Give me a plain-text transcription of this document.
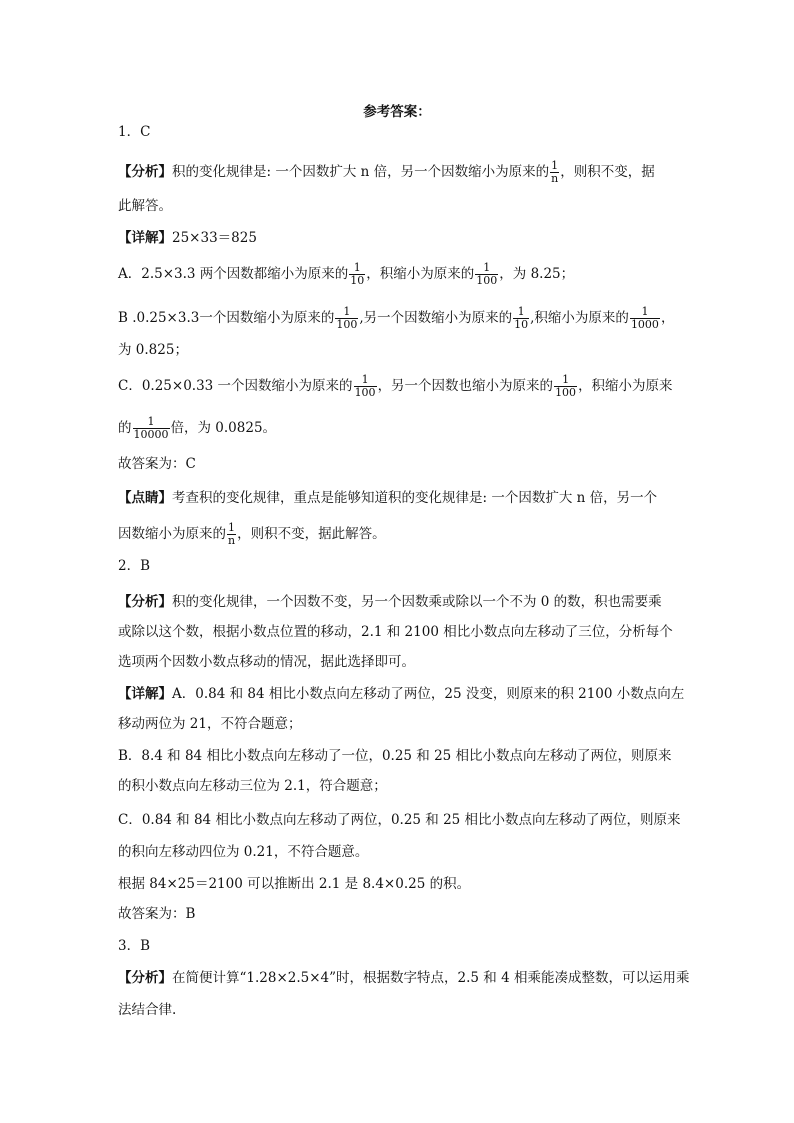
参考答案：
1．C
【分析】积的变化规律是: 一个因数扩大 n 倍，另一个因数缩小为原来的 $\frac{1}{n}$ ，则积不变，据
此解答。
【详解】25×33＝825
A．2.5×3.3 两个因数都缩小为原来的 $\frac{1}{10}$ ，积缩小为原来的 $\frac{1}{100}$ ，为 8.25；
B .0.25×3.3一个因数缩小为原来的 $\frac{1}{100}$ ,另一个因数缩小为原来的 $\frac{1}{10}$ ,积缩小为原来的 $\frac{1}{1000}$ ，
为 0.825；
C．0.25×0.33 一个因数缩小为原来的 $\frac{1}{100}$ ，另一个因数也缩小为原来的 $\frac{1}{100}$ ，积缩小为原来
的 $\frac{1}{10000}$ 倍，为 0.0825。
故答案为：C
【点睛】考查积的变化规律，重点是能够知道积的变化规律是: 一个因数扩大 n 倍，另一个
因数缩小为原来的 $\frac{1}{n}$ ，则积不变，据此解答。
2．B
【分析】积的变化规律，一个因数不变，另一个因数乘或除以一个不为 0 的数，积也需要乘
或除以这个数，根据小数点位置的移动，2.1 和 2100 相比小数点向左移动了三位，分析每个
选项两个因数小数点移动的情况，据此选择即可。
【详解】A．0.84 和 84 相比小数点向左移动了两位，25 没变，则原来的积 2100 小数点向左
移动两位为 21，不符合题意；
B．8.4 和 84 相比小数点向左移动了一位，0.25 和 25 相比小数点向左移动了两位，则原来
的积小数点向左移动三位为 2.1，符合题意；
C．0.84 和 84 相比小数点向左移动了两位，0.25 和 25 相比小数点向左移动了两位，则原来
的积向左移动四位为 0.21，不符合题意。
根据 84×25＝2100 可以推断出 2.1 是 8.4×0.25 的积。
故答案为：B
3．B
【分析】在简便计算“1.28×2.5×4”时，根据数字特点，2.5 和 4 相乘能凑成整数，可以运用乘
法结合律.
